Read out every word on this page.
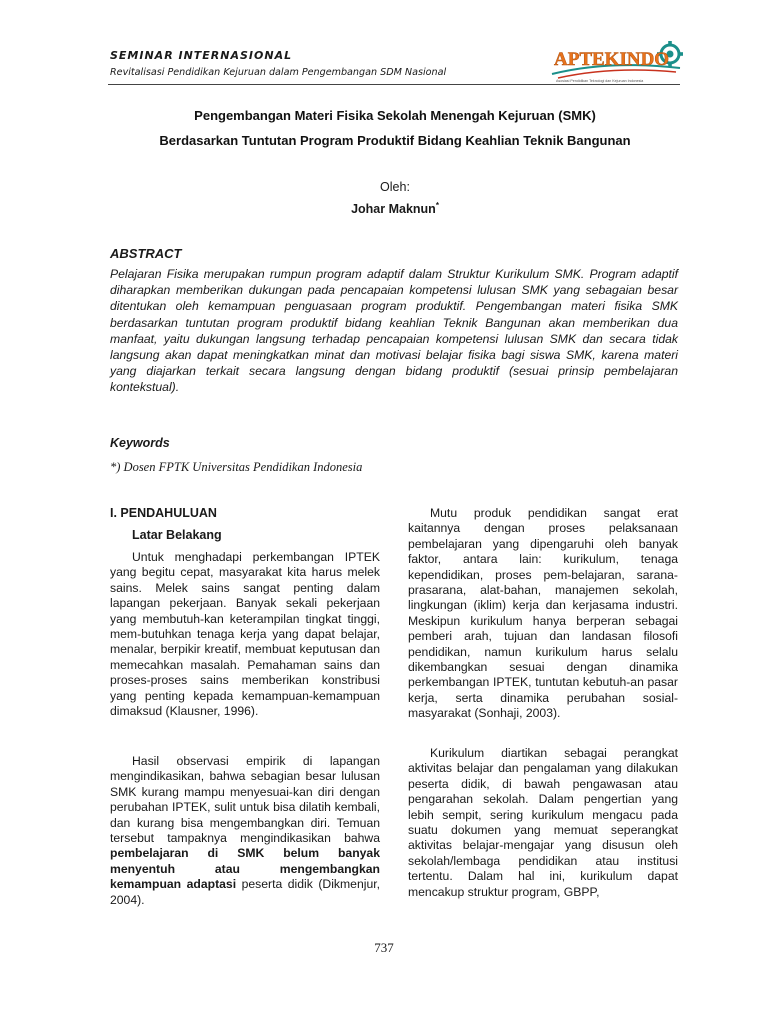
SEMINAR INTERNASIONAL
Revitalisasi Pendidikan Kejuruan dalam Pengembangan SDM Nasional
APTEKINDO
Asosiasi Pendidikan Teknologi dan Kejuruan Indonesia
Pengembangan Materi Fisika Sekolah Menengah Kejuruan (SMK)
Berdasarkan Tuntutan Program Produktif Bidang Keahlian Teknik Bangunan
Oleh:
Johar Maknun*
ABSTRACT

Pelajaran Fisika merupakan rumpun program adaptif dalam Struktur Kurikulum SMK. Program adaptif diharapkan memberikan dukungan pada pencapaian kompetensi lulusan SMK yang sebagaian besar ditentukan oleh kemampuan penguasaan program produktif. Pengembangan materi fisika SMK berdasarkan tuntutan program produktif bidang keahlian Teknik Bangunan akan memberikan dua manfaat, yaitu dukungan langsung terhadap pencapaian kompetensi lulusan SMK dan secara tidak langsung akan dapat meningkatkan minat dan motivasi belajar fisika bagi siswa SMK, karena materi yang diajarkan terkait secara langsung dengan bidang produktif (sesuai prinsip pembelajaran kontekstual).

Keywords
*) Dosen FPTK Universitas Pendidikan Indonesia
I. PENDAHULUAN
Latar Belakang

Untuk menghadapi perkembangan IPTEK yang begitu cepat, masyarakat kita harus melek sains. Melek sains sangat penting dalam lapangan pekerjaan. Banyak sekali pekerjaan yang membutuh-kan keterampilan tingkat tinggi, mem-butuhkan tenaga kerja yang dapat belajar, menalar, berpikir kreatif, membuat keputusan dan memecahkan masalah. Pemahaman sains dan proses-proses sains memberikan konstribusi yang penting kepada kemampuan-kemampuan dimaksud (Klausner, 1996).

Hasil observasi empirik di lapangan mengindikasikan, bahwa sebagian besar lulusan SMK kurang mampu menyesuai-kan diri dengan perubahan IPTEK, sulit untuk bisa dilatih kembali, dan kurang bisa mengembangkan diri. Temuan tersebut tampaknya mengindikasikan bahwa pembelajaran di SMK belum banyak menyentuh atau mengembangkan kemampuan adaptasi peserta didik (Dikmenjur, 2004).

Mutu produk pendidikan sangat erat kaitannya dengan proses pelaksanaan pembelajaran yang dipengaruhi oleh banyak faktor, antara lain: kurikulum, tenaga kependidikan, proses pem-belajaran, sarana-prasarana, alat-bahan, manajemen sekolah, lingkungan (iklim) kerja dan kerjasama industri. Meskipun kurikulum hanya berperan sebagai pemberi arah, tujuan dan landasan filosofi pendidikan, namun kurikulum harus selalu dikembangkan sesuai dengan dinamika perkembangan IPTEK, tuntutan kebutuh-an pasar kerja, serta dinamika perubahan sosial-masyarakat (Sonhaji, 2003).

Kurikulum diartikan sebagai perangkat aktivitas belajar dan pengalaman yang dilakukan peserta didik, di bawah pengawasan atau pengarahan sekolah. Dalam pengertian yang lebih sempit, sering kurikulum mengacu pada suatu dokumen yang memuat seperangkat aktivitas belajar-mengajar yang disusun oleh sekolah/lembaga pendidikan atau institusi tertentu. Dalam hal ini, kurikulum dapat mencakup struktur program, GBPP,

737
